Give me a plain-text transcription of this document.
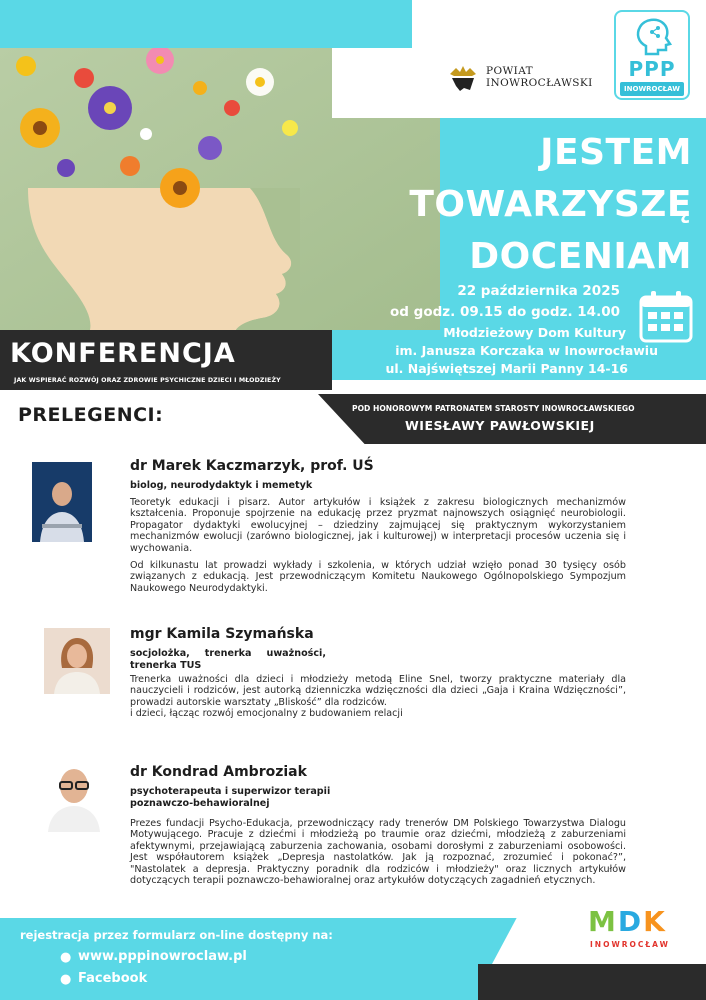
POWIAT
INOWROCŁAWSKI
PPP
INOWROCŁAW
JESTEM
TOWARZYSZĘ
DOCENIAM
22 października 2025
od godz. 09.15 do godz. 14.00
Młodzieżowy Dom Kultury
im. Janusza Korczaka w Inowrocławiu
ul. Najświętszej Marii Panny 14-16
KONFERENCJA
JAK WSPIERAĆ ROZWÓJ ORAZ ZDROWIE PSYCHICZNE DZIECI I MŁODZIEŻY
POD HONOROWYM PATRONATEM STAROSTY INOWROCŁAWSKIEGO
WIESŁAWY PAWŁOWSKIEJ
PRELEGENCI:
dr Marek Kaczmarzyk, prof. UŚ
biolog, neurodydaktyk i memetyk
Teoretyk edukacji i pisarz. Autor artykułów i książek z zakresu biologicznych mechanizmów kształcenia. Proponuje spojrzenie na edukację przez pryzmat najnowszych osiągnięć neurobiologii. Propagator dydaktyki ewolucyjnej – dziedziny zajmującej się praktycznym wykorzystaniem mechanizmów ewolucji (zarówno biologicznej, jak i kulturowej) w interpretacji procesów uczenia się i wychowania.
Od kilkunastu lat prowadzi wykłady i szkolenia, w których udział wzięło ponad 30 tysięcy osób związanych z edukacją. Jest przewodniczącym Komitetu Naukowego Ogólnopolskiego Sympozjum Naukowego Neurodydaktyki.
mgr Kamila Szymańska
socjolożka, trenerka uważności, trenerka TUS
Trenerka uważności dla dzieci i młodzieży metodą Eline Snel, tworzy praktyczne materiały dla nauczycieli i rodziców, jest autorką dzienniczka wdzięczności dla dzieci „Gaja i Kraina Wdzięczności”, prowadzi autorskie warsztaty „Bliskość” dla rodziców.
i dzieci, łącząc rozwój emocjonalny z budowaniem relacji
dr Kondrad Ambroziak
psychoterapeuta i superwizor terapii poznawczo-behawioralnej
Prezes fundacji Psycho-Edukacja, przewodniczący rady trenerów DM Polskiego Towarzystwa Dialogu Motywującego. Pracuje z dziećmi i młodzieżą po traumie oraz dziećmi, młodzieżą z zaburzeniami afektywnymi, przejawiającą zaburzenia zachowania, osobami dorosłymi z zaburzeniami osobowości. Jest współautorem książek „Depresja nastolatków. Jak ją rozpoznać, zrozumieć i pokonać?”, "Nastolatek a depresja. Praktyczny poradnik dla rodziców i młodzieży" oraz licznych artykułów dotyczących terapii poznawczo-behawioralnej oraz artykułów dotyczących zagadnień etycznych.
rejestracja przez formularz on-line dostępny na:
● www.pppinowroclaw.pl
● Facebook
M D K
INOWROCŁAW
